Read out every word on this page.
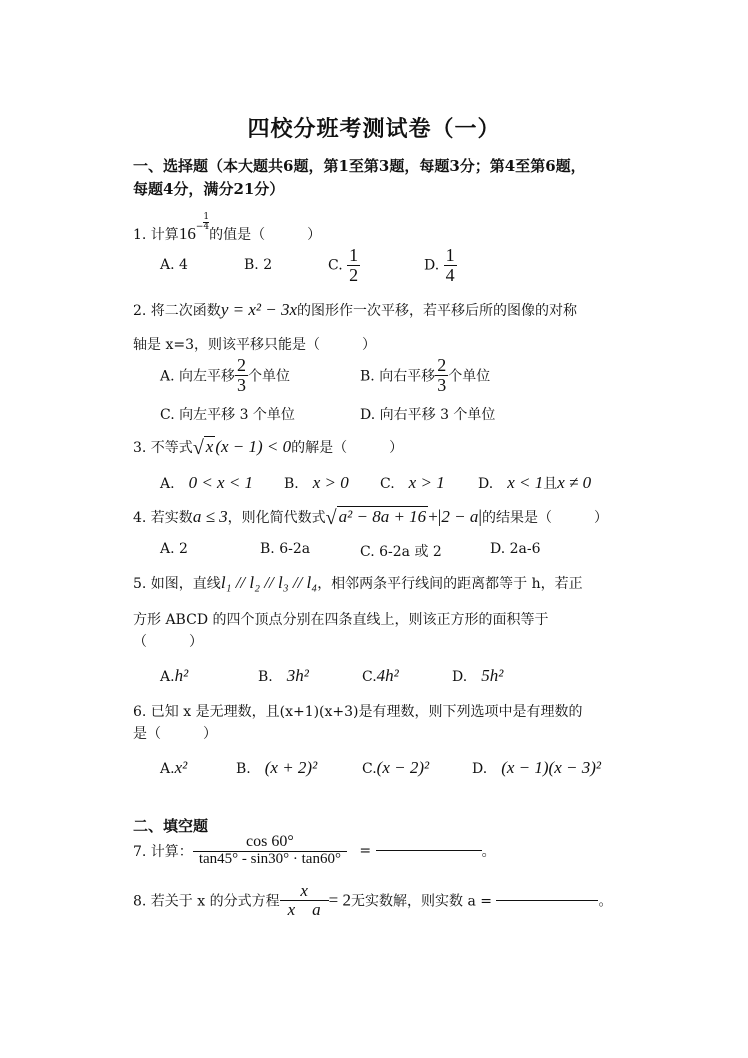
四校分班考测试卷（一）
一、选择题（本大题共6题，第1至第3题，每题3分；第4至第6题，
每题4分，满分21分）
1. 计算$16- \frac{1}{4}$
的值是（　　　）
A. 4	B. 2	C. $\frac{1}{2}$	D. $\frac{1}{4}$
2. 将二次函数y = x² − 3x的图形作一次平移，若平移后所的图像的对称
轴是 x=3，则该平移只能是（　　　）
A. 向左平移 $\frac{2}{3}$ 个单位	B. 向右平移 $\frac{2}{3}$ 个单位
C. 向左平移 3 个单位	D. 向右平移 3 个单位
3. 不等式√ x (x − 1) < 0的解是（　　　）
A.　 0 < x < 1 B.　 x > 0 C.　 x > 1 D.　 x < 1且x ≠ 0
4. 若实数a ≤ 3，则化简代数式√ a² − 8a + 16 +|2 − a|的结果是（　　　）
A. 2	B. 6-2a	C. 6-2a 或 2	D. 2a-6
5. 如图，直线l₁ // l₂ // l₃ // l₄，相邻两条平行线间的距离都等于 h，若正
方形 ABCD 的四个顶点分别在四条直线上，则该正方形的面积等于
（　　　）
A.h²	B.　 3h²	C.4h²	D.　 5h²
6. 已知 x 是无理数，且(x+1)(x+3)是有理数，则下列选项中是有理数的
是（　　　）
A.x²	B.　 (x + 2)²	C.(x − 2)²	D.　 (x − 1)(x − 3)²
二、填空题
7. 计算： $\frac{\cos 60^\circ}{\tan 45^\circ - \sin 30^\circ \cdot \tan 60^\circ}$ =	。
8. 若关于 x 的分式方程 $\frac{x}{\text{x　a}} = 2$无实数解，则实数 a =	。
